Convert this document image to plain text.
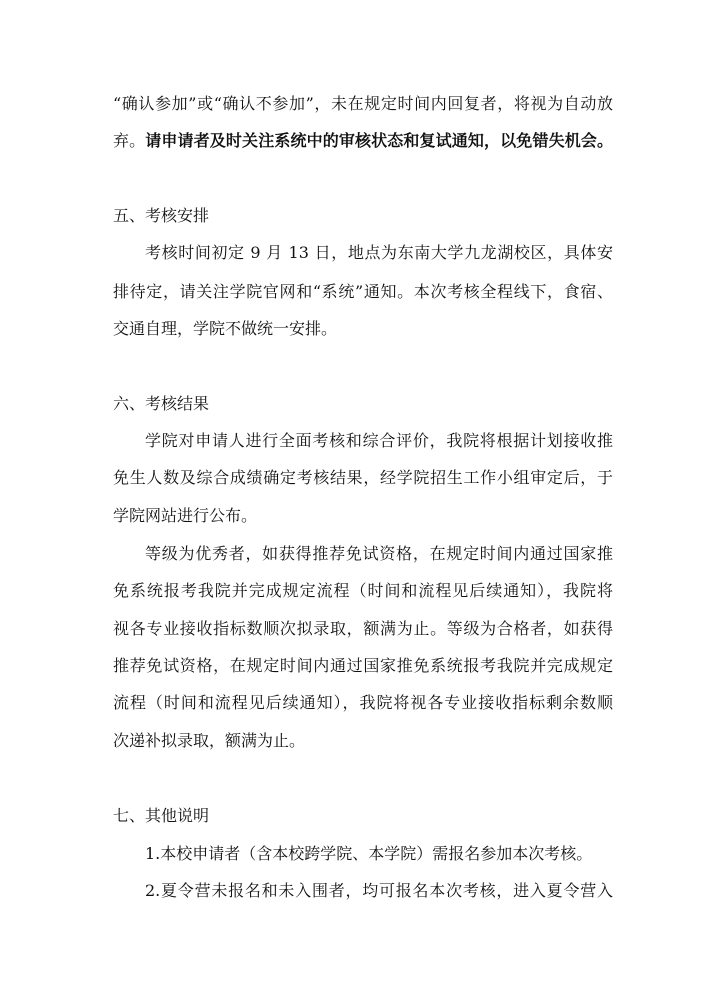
“确认参加”或“确认不参加”，未在规定时间内回复者，将视为自动放
弃。请申请者及时关注系统中的审核状态和复试通知，以免错失机会。
五、考核安排
考核时间初定 9 月 13 日，地点为东南大学九龙湖校区，具体安
排待定，请关注学院官网和“系统”通知。本次考核全程线下，食宿、
交通自理，学院不做统一安排。
六、考核结果
学院对申请人进行全面考核和综合评价，我院将根据计划接收推
免生人数及综合成绩确定考核结果，经学院招生工作小组审定后，于
学院网站进行公布。
等级为优秀者，如获得推荐免试资格，在规定时间内通过国家推
免系统报考我院并完成规定流程（时间和流程见后续通知），我院将
视各专业接收指标数顺次拟录取，额满为止。等级为合格者，如获得
推荐免试资格，在规定时间内通过国家推免系统报考我院并完成规定
流程（时间和流程见后续通知），我院将视各专业接收指标剩余数顺
次递补拟录取，额满为止。
七、其他说明
1.本校申请者（含本校跨学院、本学院）需报名参加本次考核。
2.夏令营未报名和未入围者，均可报名本次考核，进入夏令营入
